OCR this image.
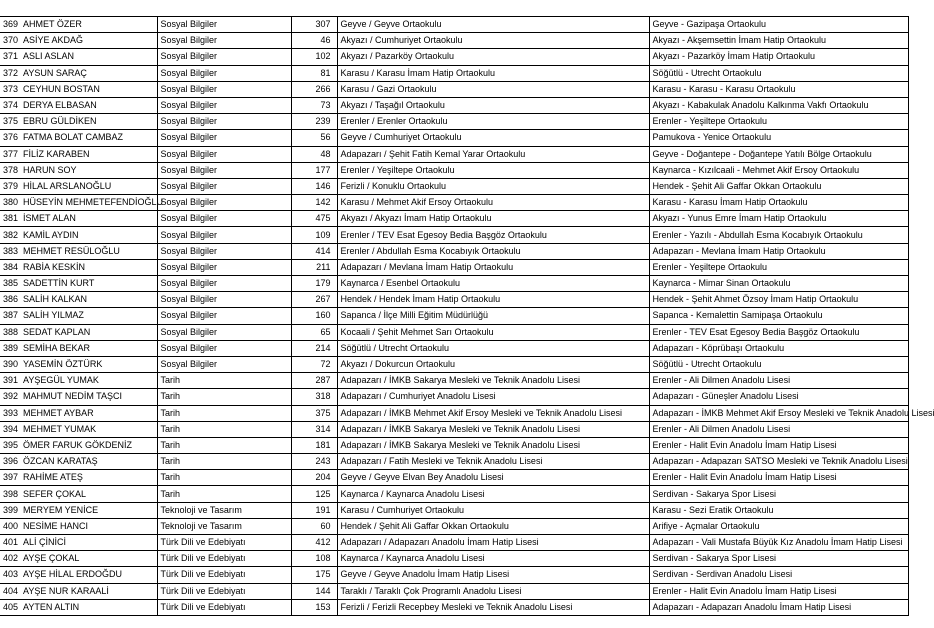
369 AHMET ÖZER	Sosyal Bilgiler	307	Geyve / Geyve Ortaokulu	Geyve - Gazipaşa Ortaokulu
370 ASİYE AKDAĞ	Sosyal Bilgiler	46	Akyazı / Cumhuriyet Ortaokulu	Akyazı - Akşemsettin İmam Hatip Ortaokulu
371 ASLI ASLAN	Sosyal Bilgiler	102	Akyazı / Pazarköy Ortaokulu	Akyazı - Pazarköy İmam Hatip Ortaokulu
372 AYSUN SARAÇ	Sosyal Bilgiler	81	Karasu / Karasu İmam Hatip Ortaokulu	Söğütlü - Utrecht Ortaokulu
373 CEYHUN BOSTAN	Sosyal Bilgiler	266	Karasu / Gazi Ortaokulu	Karasu - Karasu - Karasu Ortaokulu
374 DERYA ELBASAN	Sosyal Bilgiler	73	Akyazı / Taşağıl Ortaokulu	Akyazı - Kabakulak Anadolu Kalkınma Vakfı Ortaokulu
375 EBRU GÜLDİKEN	Sosyal Bilgiler	239	Erenler / Erenler Ortaokulu	Erenler - Yeşiltepe Ortaokulu
376 FATMA BOLAT CAMBAZ	Sosyal Bilgiler	56	Geyve / Cumhuriyet Ortaokulu	Pamukova - Yenice Ortaokulu
377 FİLİZ KARABEN	Sosyal Bilgiler	48	Adapazarı / Şehit Fatih Kemal Yarar Ortaokulu	Geyve - Doğantepe - Doğantepe Yatılı Bölge Ortaokulu
378 HARUN SOY	Sosyal Bilgiler	177	Erenler / Yeşiltepe Ortaokulu	Kaynarca - Kızılcaali - Mehmet Akif Ersoy Ortaokulu
379 HİLAL ARSLANOĞLU	Sosyal Bilgiler	146	Ferizli / Konuklu Ortaokulu	Hendek - Şehit Ali Gaffar Okkan Ortaokulu
380 HÜSEYİN MEHMETEFENDİOĞLU	Sosyal Bilgiler	142	Karasu / Mehmet Akif Ersoy Ortaokulu	Karasu - Karasu İmam Hatip Ortaokulu
381 İSMET ALAN	Sosyal Bilgiler	475	Akyazı / Akyazı İmam Hatip Ortaokulu	Akyazı - Yunus Emre İmam Hatip Ortaokulu
382 KAMİL AYDIN	Sosyal Bilgiler	109	Erenler / TEV Esat Egesoy Bedia Başgöz Ortaokulu	Erenler - Yazılı - Abdullah Esma Kocabıyık Ortaokulu
383 MEHMET RESÜLOĞLU	Sosyal Bilgiler	414	Erenler / Abdullah Esma Kocabıyık Ortaokulu	Adapazarı - Mevlana İmam Hatip Ortaokulu
384 RABİA KESKİN	Sosyal Bilgiler	211	Adapazarı / Mevlana İmam Hatip Ortaokulu	Erenler - Yeşiltepe Ortaokulu
385 SADETTİN KURT	Sosyal Bilgiler	179	Kaynarca / Esenbel Ortaokulu	Kaynarca - Mimar Sinan Ortaokulu
386 SALİH KALKAN	Sosyal Bilgiler	267	Hendek / Hendek İmam Hatip Ortaokulu	Hendek - Şehit Ahmet Özsoy İmam Hatip Ortaokulu
387 SALİH YILMAZ	Sosyal Bilgiler	160	Sapanca / İlçe Milli Eğitim Müdürlüğü	Sapanca - Kemalettin Samipaşa Ortaokulu
388 SEDAT KAPLAN	Sosyal Bilgiler	65	Kocaali / Şehit Mehmet Sarı Ortaokulu	Erenler - TEV Esat Egesoy Bedia Başgöz Ortaokulu
389 SEMİHA BEKAR	Sosyal Bilgiler	214	Söğütlü / Utrecht Ortaokulu	Adapazarı - Köprübaşı Ortaokulu
390 YASEMİN ÖZTÜRK	Sosyal Bilgiler	72	Akyazı / Dokurcun Ortaokulu	Söğütlü - Utrecht Ortaokulu
391 AYŞEGÜL YUMAK	Tarih	287	Adapazarı / İMKB Sakarya Mesleki ve Teknik Anadolu Lisesi	Erenler - Ali Dilmen Anadolu Lisesi
392 MAHMUT NEDİM TAŞCI	Tarih	318	Adapazarı / Cumhuriyet Anadolu Lisesi	Adapazarı - Güneşler Anadolu Lisesi
393 MEHMET AYBAR	Tarih	375	Adapazarı / İMKB Mehmet Akif Ersoy Mesleki ve Teknik Anadolu Lisesi	Adapazarı - İMKB Mehmet Akif Ersoy Mesleki ve Teknik Anadolu Lisesi
394 MEHMET YUMAK	Tarih	314	Adapazarı / İMKB Sakarya Mesleki ve Teknik Anadolu Lisesi	Erenler - Ali Dilmen Anadolu Lisesi
395 ÖMER FARUK GÖKDENİZ	Tarih	181	Adapazarı / İMKB Sakarya Mesleki ve Teknik Anadolu Lisesi	Erenler - Halit Evin Anadolu İmam Hatip Lisesi
396 ÖZCAN KARATAŞ	Tarih	243	Adapazarı / Fatih Mesleki ve Teknik Anadolu Lisesi	Adapazarı - Adapazarı SATSO Mesleki ve Teknik Anadolu Lisesi
397 RAHİME ATEŞ	Tarih	204	Geyve / Geyve Elvan Bey Anadolu Lisesi	Erenler - Halit Evin Anadolu İmam Hatip Lisesi
398 SEFER ÇOKAL	Tarih	125	Kaynarca / Kaynarca Anadolu Lisesi	Serdivan - Sakarya Spor Lisesi
399 MERYEM YENİCE	Teknoloji ve Tasarım	191	Karasu / Cumhuriyet Ortaokulu	Karasu - Sezi Eratik Ortaokulu
400 NESİME HANCI	Teknoloji ve Tasarım	60	Hendek / Şehit Ali Gaffar Okkan Ortaokulu	Arifiye - Açmalar Ortaokulu
401 ALİ ÇİNİCİ	Türk Dili ve Edebiyatı	412	Adapazarı / Adapazarı Anadolu İmam Hatip Lisesi	Adapazarı - Vali Mustafa Büyük Kız Anadolu İmam Hatip Lisesi
402 AYŞE ÇOKAL	Türk Dili ve Edebiyatı	108	Kaynarca / Kaynarca Anadolu Lisesi	Serdivan - Sakarya Spor Lisesi
403 AYŞE HİLAL ERDOĞDU	Türk Dili ve Edebiyatı	175	Geyve / Geyve Anadolu İmam Hatip Lisesi	Serdivan - Serdivan Anadolu Lisesi
404 AYŞE NUR KARAALİ	Türk Dili ve Edebiyatı	144	Taraklı / Taraklı Çok Programlı Anadolu Lisesi	Erenler - Halit Evin Anadolu İmam Hatip Lisesi
405 AYTEN ALTIN	Türk Dili ve Edebiyatı	153	Ferizli / Ferizli Recepbey Mesleki ve Teknik Anadolu Lisesi	Adapazarı - Adapazarı Anadolu İmam Hatip Lisesi
